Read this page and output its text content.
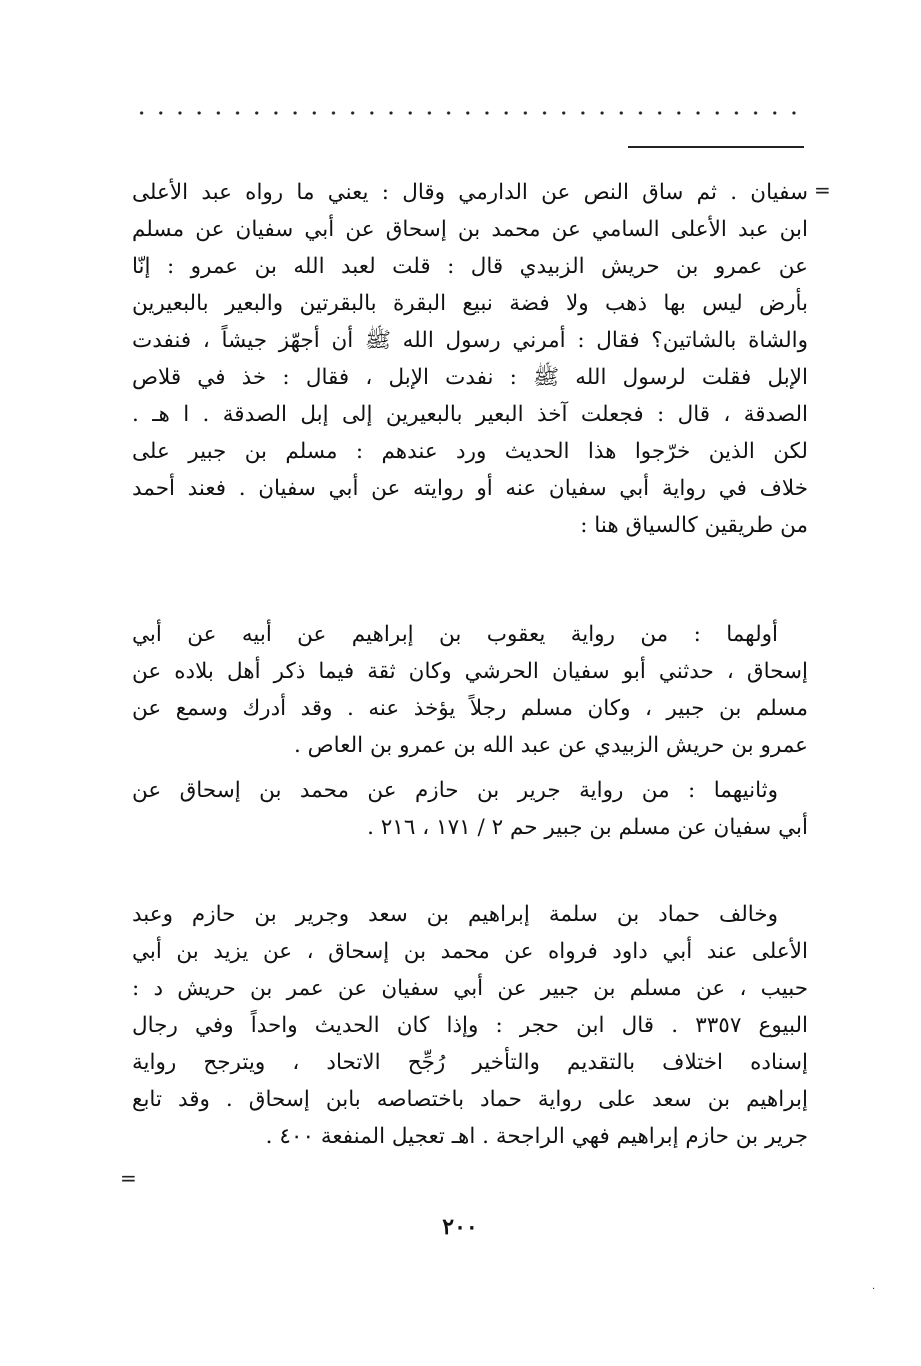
=
=
سفيان . ثم ساق النص عن الدارمي وقال : يعني ما رواه عبد الأعلى
ابن عبد الأعلى السامي عن محمد بن إسحاق عن أبي سفيان عن مسلم
عن عمرو بن حريش الزبيدي قال : قلت لعبد الله بن عمرو : إنّا
بأرض ليس بها ذهب ولا فضة نبيع البقرة بالبقرتين والبعير بالبعيرين
والشاة بالشاتين؟ فقال : أمرني رسول الله ﷺ أن أجهّز جيشاً ، فنفدت
الإبل فقلت لرسول الله ﷺ : نفدت الإبل ، فقال : خذ في قلاص
الصدقة ، قال : فجعلت آخذ البعير بالبعيرين إلى إبل الصدقة . ا هـ .
لكن الذين خرّجوا هذا الحديث ورد عندهم : مسلم بن جبير على
خلاف في رواية أبي سفيان عنه أو روايته عن أبي سفيان . فعند أحمد
من طريقين كالسياق هنا :
أولهما : من رواية يعقوب بن إبراهيم عن أبيه عن أبي
إسحاق ، حدثني أبو سفيان الحرشي وكان ثقة فيما ذكر أهل بلاده عن
مسلم بن جبير ، وكان مسلم رجلاً يؤخذ عنه . وقد أدرك وسمع عن
عمرو بن حريش الزبيدي عن عبد الله بن عمرو بن العاص .
وثانيهما : من رواية جرير بن حازم عن محمد بن إسحاق عن
أبي سفيان عن مسلم بن جبير حم ٢ / ١٧١ ، ٢١٦ .
وخالف حماد بن سلمة إبراهيم بن سعد وجرير بن حازم وعبد
الأعلى عند أبي داود فرواه عن محمد بن إسحاق ، عن يزيد بن أبي
حبيب ، عن مسلم بن جبير عن أبي سفيان عن عمر بن حريش د :
البيوع ٣٣٥٧ . قال ابن حجر : وإذا كان الحديث واحداً وفي رجال
إسناده اختلاف بالتقديم والتأخير رُجِّح الاتحاد ، ويترجح رواية
إبراهيم بن سعد على رواية حماد باختصاصه بابن إسحاق . وقد تابع
جرير بن حازم إبراهيم فهي الراجحة . اهـ تعجيل المنفعة ٤٠٠ .
٢٠٠
·
